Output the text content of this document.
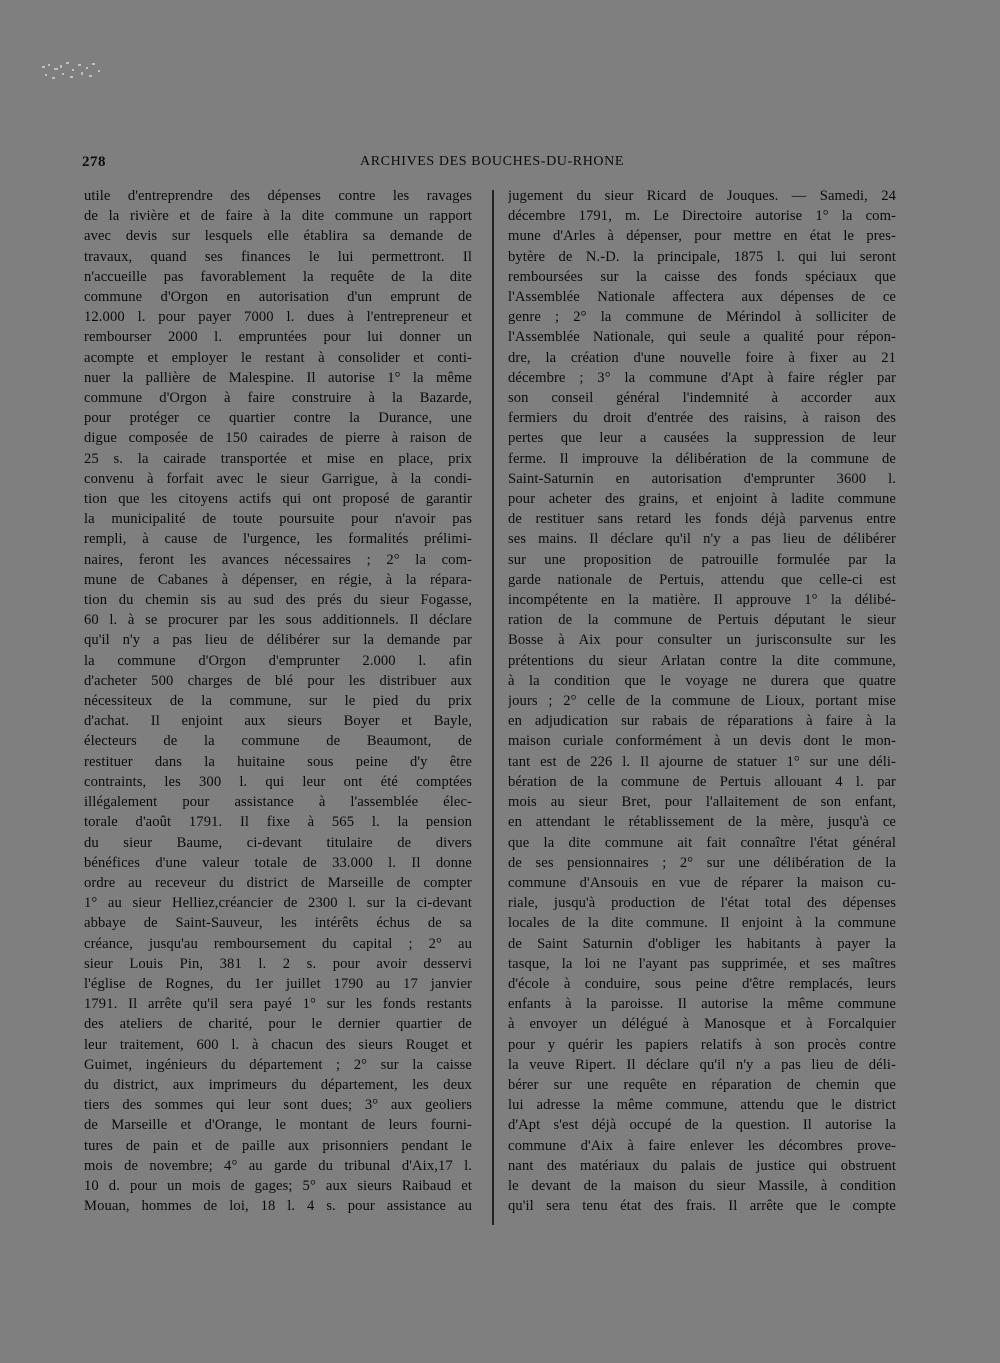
278	ARCHIVES DES BOUCHES-DU-RHONE
utile d'entreprendre des dépenses contre les ravages
de la rivière et de faire à la dite commune un rapport
avec devis sur lesquels elle établira sa demande de
travaux, quand ses finances le lui permettront. Il
n'accueille pas favorablement la requête de la dite
commune d'Orgon en autorisation d'un emprunt de
12.000 l. pour payer 7000 l. dues à l'entrepreneur et
rembourser 2000 l. empruntées pour lui donner un
acompte et employer le restant à consolider et conti-
nuer la pallière de Malespine. Il autorise 1° la même
commune d'Orgon à faire construire à la Bazarde,
pour protéger ce quartier contre la Durance, une
digue composée de 150 cairades de pierre à raison de
25 s. la cairade transportée et mise en place, prix
convenu à forfait avec le sieur Garrigue, à la condi-
tion que les citoyens actifs qui ont proposé de garantir
la municipalité de toute poursuite pour n'avoir pas
rempli, à cause de l'urgence, les formalités prélimi-
naires, feront les avances nécessaires ; 2° la com-
mune de Cabanes à dépenser, en régie, à la répara-
tion du chemin sis au sud des prés du sieur Fogasse,
60 l. à se procurer par les sous additionnels. Il déclare
qu'il n'y a pas lieu de délibérer sur la demande par
la commune d'Orgon d'emprunter 2.000 l. afin
d'acheter 500 charges de blé pour les distribuer aux
nécessiteux de la commune, sur le pied du prix
d'achat. Il enjoint aux sieurs Boyer et Bayle,
électeurs de la commune de Beaumont, de
restituer dans la huitaine sous peine d'y être
contraints, les 300 l. qui leur ont été comptées
illégalement pour assistance à l'assemblée élec-
torale d'août 1791. Il fixe à 565 l. la pension
du sieur Baume, ci-devant titulaire de divers
bénéfices d'une valeur totale de 33.000 l. Il donne
ordre au receveur du district de Marseille de compter
1° au sieur Helliez,créancier de 2300 l. sur la ci-devant
abbaye de Saint-Sauveur, les intérêts échus de sa
créance, jusqu'au remboursement du capital ; 2° au
sieur Louis Pin, 381 l. 2 s. pour avoir desservi
l'église de Rognes, du 1er juillet 1790 au 17 janvier
1791. Il arrête qu'il sera payé 1° sur les fonds restants
des ateliers de charité, pour le dernier quartier de
leur traitement, 600 l. à chacun des sieurs Rouget et
Guimet, ingénieurs du département ; 2° sur la caisse
du district, aux imprimeurs du département, les deux
tiers des sommes qui leur sont dues; 3° aux geoliers
de Marseille et d'Orange, le montant de leurs fourni-
tures de pain et de paille aux prisonniers pendant le
mois de novembre; 4° au garde du tribunal d'Aix,17 l.
10 d. pour un mois de gages; 5° aux sieurs Raibaud et
Mouan, hommes de loi, 18 l. 4 s. pour assistance au
jugement du sieur Ricard de Jouques. — Samedi, 24
décembre 1791, m. Le Directoire autorise 1° la com-
mune d'Arles à dépenser, pour mettre en état le pres-
bytère de N.-D. la principale, 1875 l. qui lui seront
remboursées sur la caisse des fonds spéciaux que
l'Assemblée Nationale affectera aux dépenses de ce
genre ; 2° la commune de Mérindol à solliciter de
l'Assemblée Nationale, qui seule a qualité pour répon-
dre, la création d'une nouvelle foire à fixer au 21
décembre ; 3° la commune d'Apt à faire régler par
son conseil général l'indemnité à accorder aux
fermiers du droit d'entrée des raisins, à raison des
pertes que leur a causées la suppression de leur
ferme. Il improuve la délibération de la commune de
Saint-Saturnin en autorisation d'emprunter 3600 l.
pour acheter des grains, et enjoint à ladite commune
de restituer sans retard les fonds déjà parvenus entre
ses mains. Il déclare qu'il n'y a pas lieu de délibérer
sur une proposition de patrouille formulée par la
garde nationale de Pertuis, attendu que celle-ci est
incompétente en la matière. Il approuve 1° la délibé-
ration de la commune de Pertuis députant le sieur
Bosse à Aix pour consulter un jurisconsulte sur les
prétentions du sieur Arlatan contre la dite commune,
à la condition que le voyage ne durera que quatre
jours ; 2° celle de la commune de Lioux, portant mise
en adjudication sur rabais de réparations à faire à la
maison curiale conformément à un devis dont le mon-
tant est de 226 l. Il ajourne de statuer 1° sur une déli-
bération de la commune de Pertuis allouant 4 l. par
mois au sieur Bret, pour l'allaitement de son enfant,
en attendant le rétablissement de la mère, jusqu'à ce
que la dite commune ait fait connaître l'état général
de ses pensionnaires ; 2° sur une délibération de la
commune d'Ansouis en vue de réparer la maison cu-
riale, jusqu'à production de l'état total des dépenses
locales de la dite commune. Il enjoint à la commune
de Saint Saturnin d'obliger les habitants à payer la
tasque, la loi ne l'ayant pas supprimée, et ses maîtres
d'école à conduire, sous peine d'être remplacés, leurs
enfants à la paroisse. Il autorise la même commune
à envoyer un délégué à Manosque et à Forcalquier
pour y quérir les papiers relatifs à son procès contre
la veuve Ripert. Il déclare qu'il n'y a pas lieu de déli-
bérer sur une requête en réparation de chemin que
lui adresse la même commune, attendu que le district
d'Apt s'est déjà occupé de la question. Il autorise la
commune d'Aix à faire enlever les décombres prove-
nant des matériaux du palais de justice qui obstruent
le devant de la maison du sieur Massile, à condition
qu'il sera tenu état des frais. Il arrête que le compte
